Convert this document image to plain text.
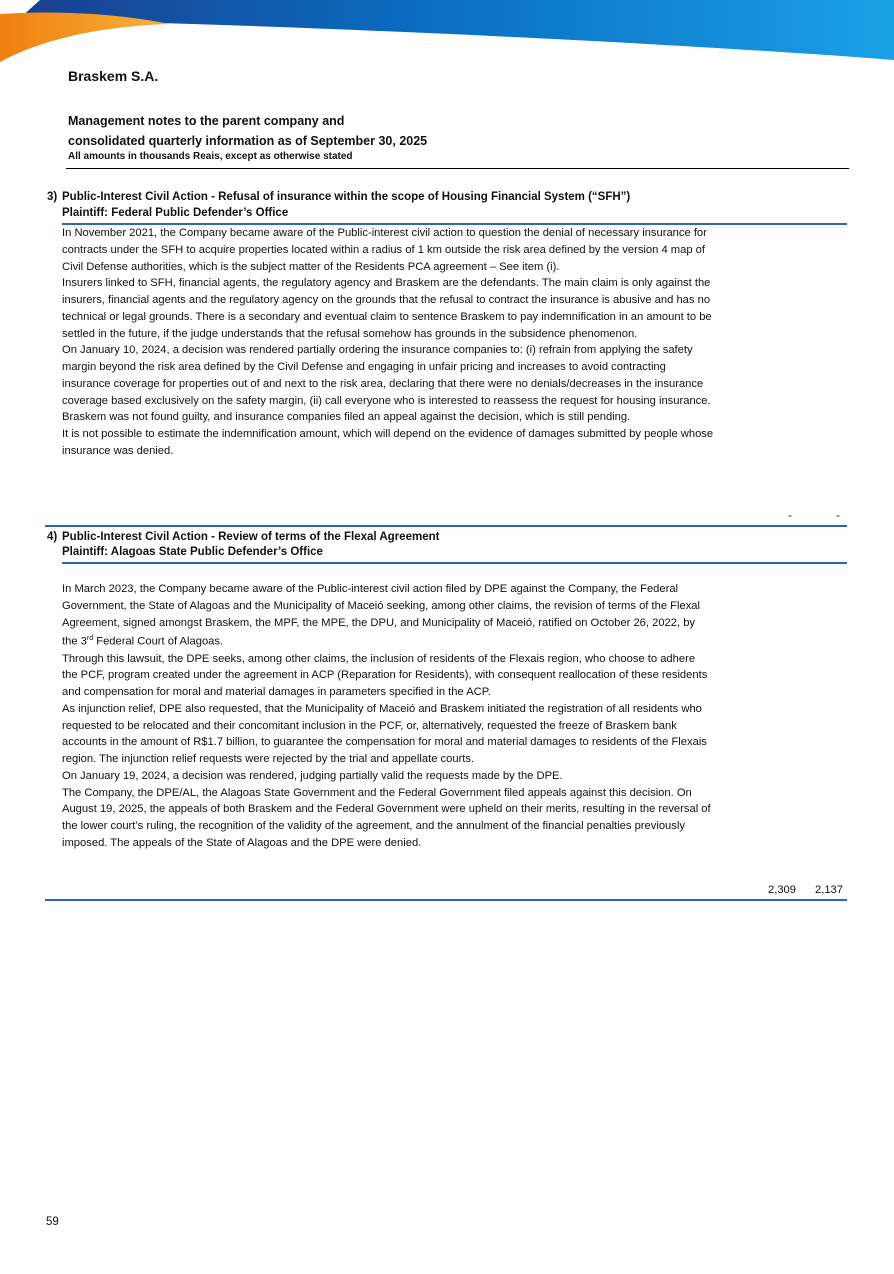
Braskem S.A.
Management notes to the parent company and
consolidated quarterly information as of September 30, 2025
All amounts in thousands Reais, except as otherwise stated
3) Public-Interest Civil Action - Refusal of insurance within the scope of Housing Financial System (“SFH”)
Plaintiff: Federal Public Defender’s Office

In November 2021, the Company became aware of the Public-interest civil action to question the denial of necessary insurance for contracts under the SFH to acquire properties located within a radius of 1 km outside the risk area defined by the version 4 map of Civil Defense authorities, which is the subject matter of the Residents PCA agreement – See item (i).

Insurers linked to SFH, financial agents, the regulatory agency and Braskem are the defendants. The main claim is only against the insurers, financial agents and the regulatory agency on the grounds that the refusal to contract the insurance is abusive and has no technical or legal grounds. There is a secondary and eventual claim to sentence Braskem to pay indemnification in an amount to be settled in the future, if the judge understands that the refusal somehow has grounds in the subsidence phenomenon.

On January 10, 2024, a decision was rendered partially ordering the insurance companies to: (i) refrain from applying the safety margin beyond the risk area defined by the Civil Defense and engaging in unfair pricing and increases to avoid contracting insurance coverage for properties out of and next to the risk area, declaring that there were no denials/decreases in the insurance coverage based exclusively on the safety margin, (ii) call everyone who is interested to reassess the request for housing insurance. Braskem was not found guilty, and insurance companies filed an appeal against the decision, which is still pending.

It is not possible to estimate the indemnification amount, which will depend on the evidence of damages submitted by people whose insurance was denied.

-	-
4) Public-Interest Civil Action - Review of terms of the Flexal Agreement
Plaintiff: Alagoas State Public Defender’s Office

In March 2023, the Company became aware of the Public-interest civil action filed by DPE against the Company, the Federal Government, the State of Alagoas and the Municipality of Maceió seeking, among other claims, the revision of terms of the Flexal Agreement, signed amongst Braskem, the MPF, the MPE, the DPU, and Municipality of Maceió, ratified on October 26, 2022, by the 3rd Federal Court of Alagoas.

Through this lawsuit, the DPE seeks, among other claims, the inclusion of residents of the Flexais region, who choose to adhere the PCF, program created under the agreement in ACP (Reparation for Residents), with consequent reallocation of these residents and compensation for moral and material damages in parameters specified in the ACP.

As injunction relief, DPE also requested, that the Municipality of Maceió and Braskem initiated the registration of all residents who requested to be relocated and their concomitant inclusion in the PCF, or, alternatively, requested the freeze of Braskem bank accounts in the amount of R$1.7 billion, to guarantee the compensation for moral and material damages to residents of the Flexais region. The injunction relief requests were rejected by the trial and appellate courts.

On January 19, 2024, a decision was rendered, judging partially valid the requests made by the DPE.

The Company, the DPE/AL, the Alagoas State Government and the Federal Government filed appeals against this decision. On August 19, 2025, the appeals of both Braskem and the Federal Government were upheld on their merits, resulting in the reversal of the lower court’s ruling, the recognition of the validity of the agreement, and the annulment of the financial penalties previously imposed. The appeals of the State of Alagoas and the DPE were denied.

2,309	2,137
59
